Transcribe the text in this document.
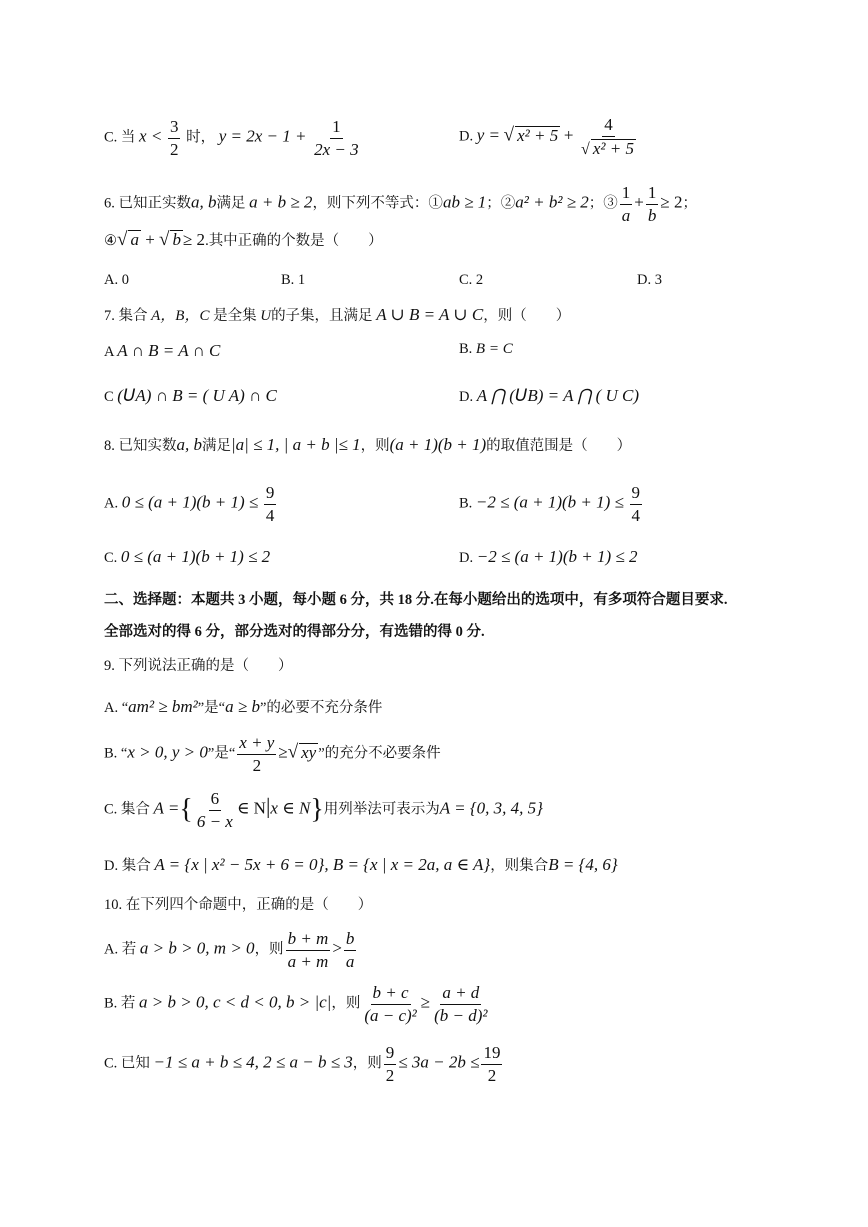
C. 当 $x < \frac{3}{2}$ 时， $y = 2x - 1 + \frac{1}{2x - 3}$	D. y = √ $x^2 + 5 + \frac{4}{\text{√ x² + 5}}$
6. 已知正实数a, b满足 a + b ≥ 2，则下列不等式：①ab ≥ 1；②a² + b² ≥ 2；③ $\frac{1}{a} + \frac{1}{b} \ge 2$；
④√ a + √ b ≥ 2.其中正确的个数是（　　）
A. 0	B. 1	C. 2	D. 3
7. 集合 A，B，C 是全集 U的子集，且满足 A ∪ B = A ∪ C，则（　　）
A A ∩ B = A ∩ C	B. B = C
C (𝘜A) ∩ B = ( U A) ∩ C	D. A ⋂ (𝘜B) = A ⋂ ( U C)
8. 已知实数a, b满足|a| ≤ 1, | a + b |≤ 1，则(a + 1)(b + 1)的取值范围是（　　）
A. $0 \le (a + 1)(b + 1) \le \frac{9}{4}$	B. $-2 \le (a + 1)(b + 1) \le \frac{9}{4}$
C. 0 ≤ (a + 1)(b + 1) ≤ 2	D. −2 ≤ (a + 1)(b + 1) ≤ 2
二、选择题：本题共 3 小题，每小题 6 分，共 18 分.在每小题给出的选项中，有多项符合题目要求.
全部选对的得 6 分，部分选对的得部分分，有选错的得 0 分.
9. 下列说法正确的是（　　）
A. “am² ≥ bm²”是“a ≥ b”的必要不充分条件
B. “x > 0, y > 0”是“ $\frac{x + y}{2}$ ≥√ xy ”的充分不必要条件
C. 集合 A ={ $\frac{6}{6 - x}$ ∈ N|x ∈ N}用列举法可表示为A = {0, 3, 4, 5}
D. 集合 A = {x | x² − 5x + 6 = 0}, B = {x | x = 2a, a ∈ A}，则集合B = {4, 6}
10. 在下列四个命题中，正确的是（　　）
A. 若 a > b > 0, m > 0，则 $\frac{b + m}{a + m} > \frac{b}{a}$
B. 若 a > b > 0, c < d < 0, b > |c|，则 $\frac{b + c}{\text{(a − c)²}} \ge \frac{a + d}{\text{(b − d)²}}$
C. 已知 −1 ≤ a + b ≤ 4, 2 ≤ a − b ≤ 3，则 $\frac{9}{2} \le 3a - 2b \le \frac{19}{2}$
